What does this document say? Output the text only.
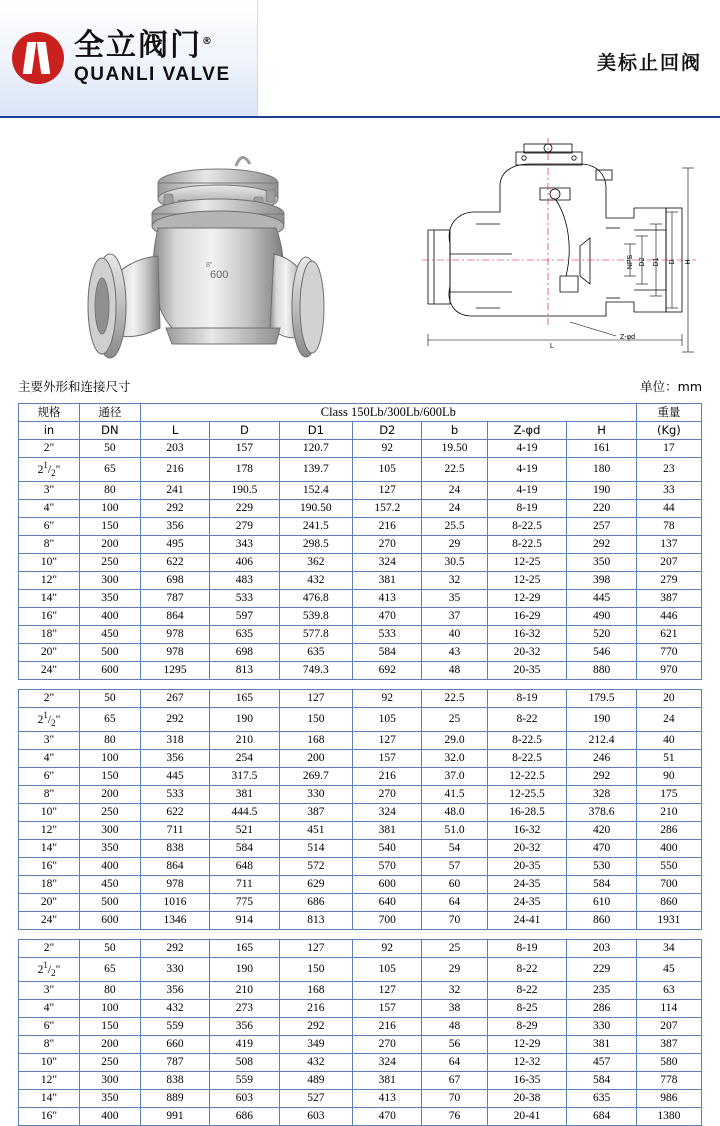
全立阀门®
QUANLI VALVE
美标止回阀
600
8"	H
D
D1
D2
NPS
L
Z-φd
主要外形和连接尺寸	单位：mm
规格	通径	Class 150Lb/300Lb/600Lb							重量
in	DN	L	D	D1	D2	b	Z-φd	H	(Kg)
2"	50	203	157	120.7	92	19.50	4-19	161	17
$2^1/_2$"	65	216	178	139.7	105	22.5	4-19	180	23
3"	80	241	190.5	152.4	127	24	4-19	190	33
4"	100	292	229	190.50	157.2	24	8-19	220	44
6"	150	356	279	241.5	216	25.5	8-22.5	257	78
8"	200	495	343	298.5	270	29	8-22.5	292	137
10"	250	622	406	362	324	30.5	12-25	350	207
12"	300	698	483	432	381	32	12-25	398	279
14"	350	787	533	476.8	413	35	12-29	445	387
16"	400	864	597	539.8	470	37	16-29	490	446
18"	450	978	635	577.8	533	40	16-32	520	621
20"	500	978	698	635	584	43	20-32	546	770
24"	600	1295	813	749.3	692	48	20-35	880	970
2"	50	267	165	127	92	22.5	8-19	179.5	20
$2^1/_2$"	65	292	190	150	105	25	8-22	190	24
3"	80	318	210	168	127	29.0	8-22.5	212.4	40
4"	100	356	254	200	157	32.0	8-22.5	246	51
6"	150	445	317.5	269.7	216	37.0	12-22.5	292	90
8"	200	533	381	330	270	41.5	12-25.5	328	175
10"	250	622	444.5	387	324	48.0	16-28.5	378.6	210
12"	300	711	521	451	381	51.0	16-32	420	286
14"	350	838	584	514	540	54	20-32	470	400
16"	400	864	648	572	570	57	20-35	530	550
18"	450	978	711	629	600	60	24-35	584	700
20"	500	1016	775	686	640	64	24-35	610	860
24"	600	1346	914	813	700	70	24-41	860	1931
2"	50	292	165	127	92	25	8-19	203	34
$2^1/_2$"	65	330	190	150	105	29	8-22	229	45
3"	80	356	210	168	127	32	8-22	235	63
4"	100	432	273	216	157	38	8-25	286	114
6"	150	559	356	292	216	48	8-29	330	207
8"	200	660	419	349	270	56	12-29	381	387
10"	250	787	508	432	324	64	12-32	457	580
12"	300	838	559	489	381	67	16-35	584	778
14"	350	889	603	527	413	70	20-38	635	986
16"	400	991	686	603	470	76	20-41	684	1380
